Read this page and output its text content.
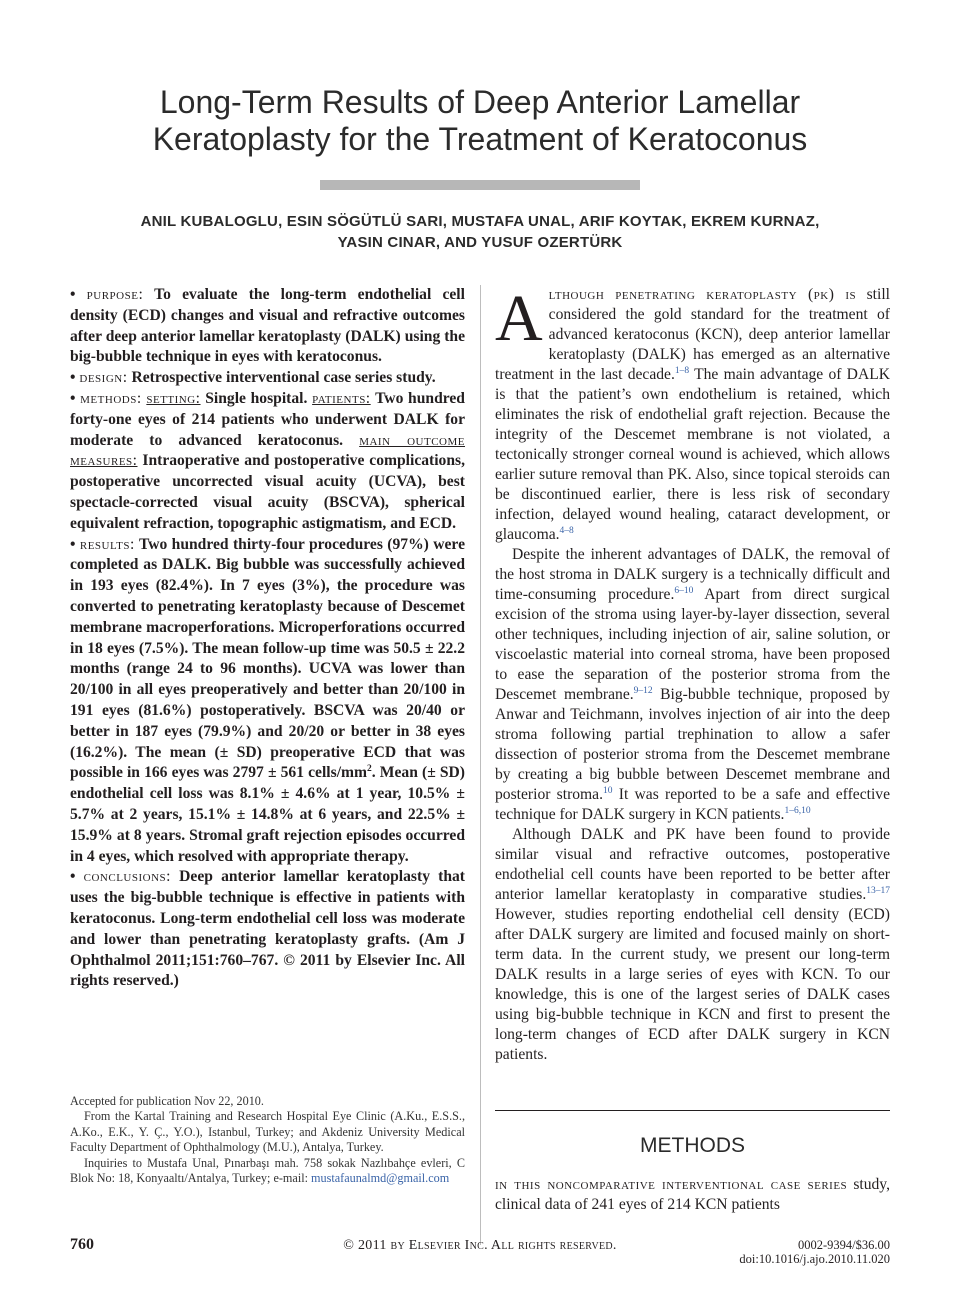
Long-Term Results of Deep Anterior Lamellar
Keratoplasty for the Treatment of Keratoconus
ANIL KUBALOGLU, ESIN SÖGÜTLÜ SARI, MUSTAFA UNAL, ARIF KOYTAK, EKREM KURNAZ,
YASIN CINAR, AND YUSUF OZERTÜRK

• purpose: To evaluate the long-term endothelial cell density (ECD) changes and visual and refractive outcomes after deep anterior lamellar keratoplasty (DALK) using the big-bubble technique in eyes with keratoconus.

• design: Retrospective interventional case series study.

• methods: setting: Single hospital. patients: Two hundred forty-one eyes of 214 patients who underwent DALK for moderate to advanced keratoconus. main outcome measures: Intraoperative and postoperative complications, postoperative uncorrected visual acuity (UCVA), best spectacle-corrected visual acuity (BSCVA), spherical equivalent refraction, topographic astigmatism, and ECD.

• results: Two hundred thirty-four procedures (97%) were completed as DALK. Big bubble was successfully achieved in 193 eyes (82.4%). In 7 eyes (3%), the procedure was converted to penetrating keratoplasty because of Descemet membrane macroperforations. Microperforations occurred in 18 eyes (7.5%). The mean follow-up time was 50.5 ± 22.2 months (range 24 to 96 months). UCVA was lower than 20/100 in all eyes preoperatively and better than 20/100 in 191 eyes (81.6%) postoperatively. BSCVA was 20/40 or better in 187 eyes (79.9%) and 20/20 or better in 38 eyes (16.2%). The mean (± SD) preoperative ECD that was possible in 166 eyes was 2797 ± 561 cells/$mm^2$. Mean (± SD) endothelial cell loss was 8.1% ± 4.6% at 1 year, 10.5% ± 5.7% at 2 years, 15.1% ± 14.8% at 6 years, and 22.5% ± 15.9% at 8 years. Stromal graft rejection episodes occurred in 4 eyes, which resolved with appropriate therapy.

• conclusions: Deep anterior lamellar keratoplasty that uses the big-bubble technique is effective in patients with keratoconus. Long-term endothelial cell loss was moderate and lower than penetrating keratoplasty grafts. (Am J Ophthalmol 2011;151:760–767. © 2011 by Elsevier Inc. All rights reserved.)

Accepted for publication Nov 22, 2010.

From the Kartal Training and Research Hospital Eye Clinic (A.Ku., E.S.S., A.Ko., E.K., Y. Ç., Y.O.), Istanbul, Turkey; and Akdeniz University Medical Faculty Department of Ophthalmology (M.U.), Antalya, Turkey.

Inquiries to Mustafa Unal, Pınarbaşı mah. 758 sokak Nazlıbahçe evleri, C Blok No: 18, Konyaaltı/Antalya, Turkey; e-mail: mustafaunalmd@gmail.com

Although penetrating keratoplasty (pk) is still considered the gold standard for the treatment of advanced keratoconus (KCN), deep anterior lamellar keratoplasty (DALK) has emerged as an alternative treatment in the last decade.$^{1-8}$ The main advantage of DALK is that the patient’s own endothelium is retained, which eliminates the risk of endothelial graft rejection. Because the integrity of the Descemet membrane is not violated, a tectonically stronger corneal wound is achieved, which allows earlier suture removal than PK. Also, since topical steroids can be discontinued earlier, there is less risk of secondary infection, delayed wound healing, cataract development, or glaucoma.$^{4-8}$

Despite the inherent advantages of DALK, the removal of the host stroma in DALK surgery is a technically difficult and time-consuming procedure.$^{6-10}$ Apart from direct surgical excision of the stroma using layer-by-layer dissection, several other techniques, including injection of air, saline solution, or viscoelastic material into corneal stroma, have been proposed to ease the separation of the posterior stroma from the Descemet membrane.$^{9-12}$ Big-bubble technique, proposed by Anwar and Teichmann, involves injection of air into the deep stroma following partial trephination to allow a safer dissection of posterior stroma from the Descemet membrane by creating a big bubble between Descemet membrane and posterior stroma.$^{10}$ It was reported to be a safe and effective technique for DALK surgery in KCN patients.$^{1-6,10}$

Although DALK and PK have been found to provide similar visual and refractive outcomes, postoperative endothelial cell counts have been reported to be better after anterior lamellar keratoplasty in comparative studies.$^{13-17}$ However, studies reporting endothelial cell density (ECD) after DALK surgery are limited and focused mainly on short-term data. In the current study, we present our long-term DALK results in a large series of eyes with KCN. To our knowledge, this is one of the largest series of DALK cases using big-bubble technique in KCN and first to present the long-term changes of ECD after DALK surgery in KCN patients.

METHODS
in this noncomparative interventional case series study, clinical data of 241 eyes of 214 KCN patients
760	© 2011 by Elsevier Inc. All rights reserved.	0002-9394/$36.00
doi:10.1016/j.ajo.2010.11.020
